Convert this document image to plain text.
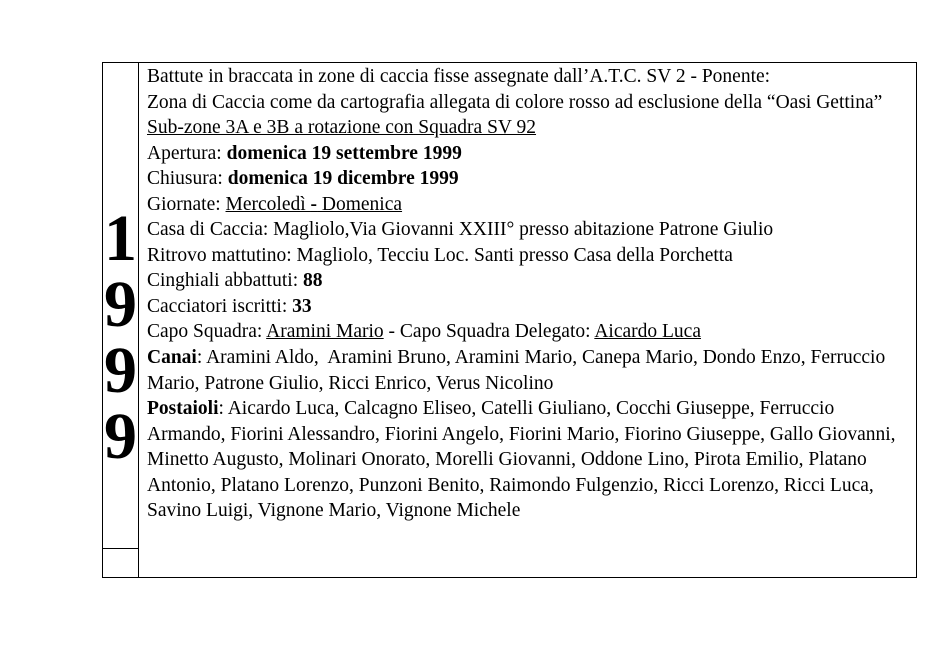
1
9
9
9

Battute in braccata in zone di caccia fisse assegnate dall’A.T.C. SV 2 - Ponente:

Zona di Caccia come da cartografia allegata di colore rosso ad esclusione della “Oasi Gettina”

Sub-zone 3A e 3B a rotazione con Squadra SV 92

Apertura: domenica 19 settembre 1999

Chiusura: domenica 19 dicembre 1999

Giornate: Mercoledì - Domenica

Casa di Caccia: Magliolo,Via Giovanni XXIII° presso abitazione Patrone Giulio

Ritrovo mattutino: Magliolo, Tecciu Loc. Santi presso Casa della Porchetta

Cinghiali abbattuti: 88

Cacciatori iscritti: 33

Capo Squadra: Aramini Mario - Capo Squadra Delegato: Aicardo Luca

Canai: Aramini Aldo,  Aramini Bruno, Aramini Mario, Canepa Mario, Dondo Enzo, Ferruccio Mario, Patrone Giulio, Ricci Enrico, Verus Nicolino

Postaioli: Aicardo Luca, Calcagno Eliseo, Catelli Giuliano, Cocchi Giuseppe, Ferruccio Armando, Fiorini Alessandro, Fiorini Angelo, Fiorini Mario, Fiorino Giuseppe, Gallo Giovanni, Minetto Augusto, Molinari Onorato, Morelli Giovanni, Oddone Lino, Pirota Emilio, Platano Antonio, Platano Lorenzo, Punzoni Benito, Raimondo Fulgenzio, Ricci Lorenzo, Ricci Luca, Savino Luigi, Vignone Mario, Vignone Michele
